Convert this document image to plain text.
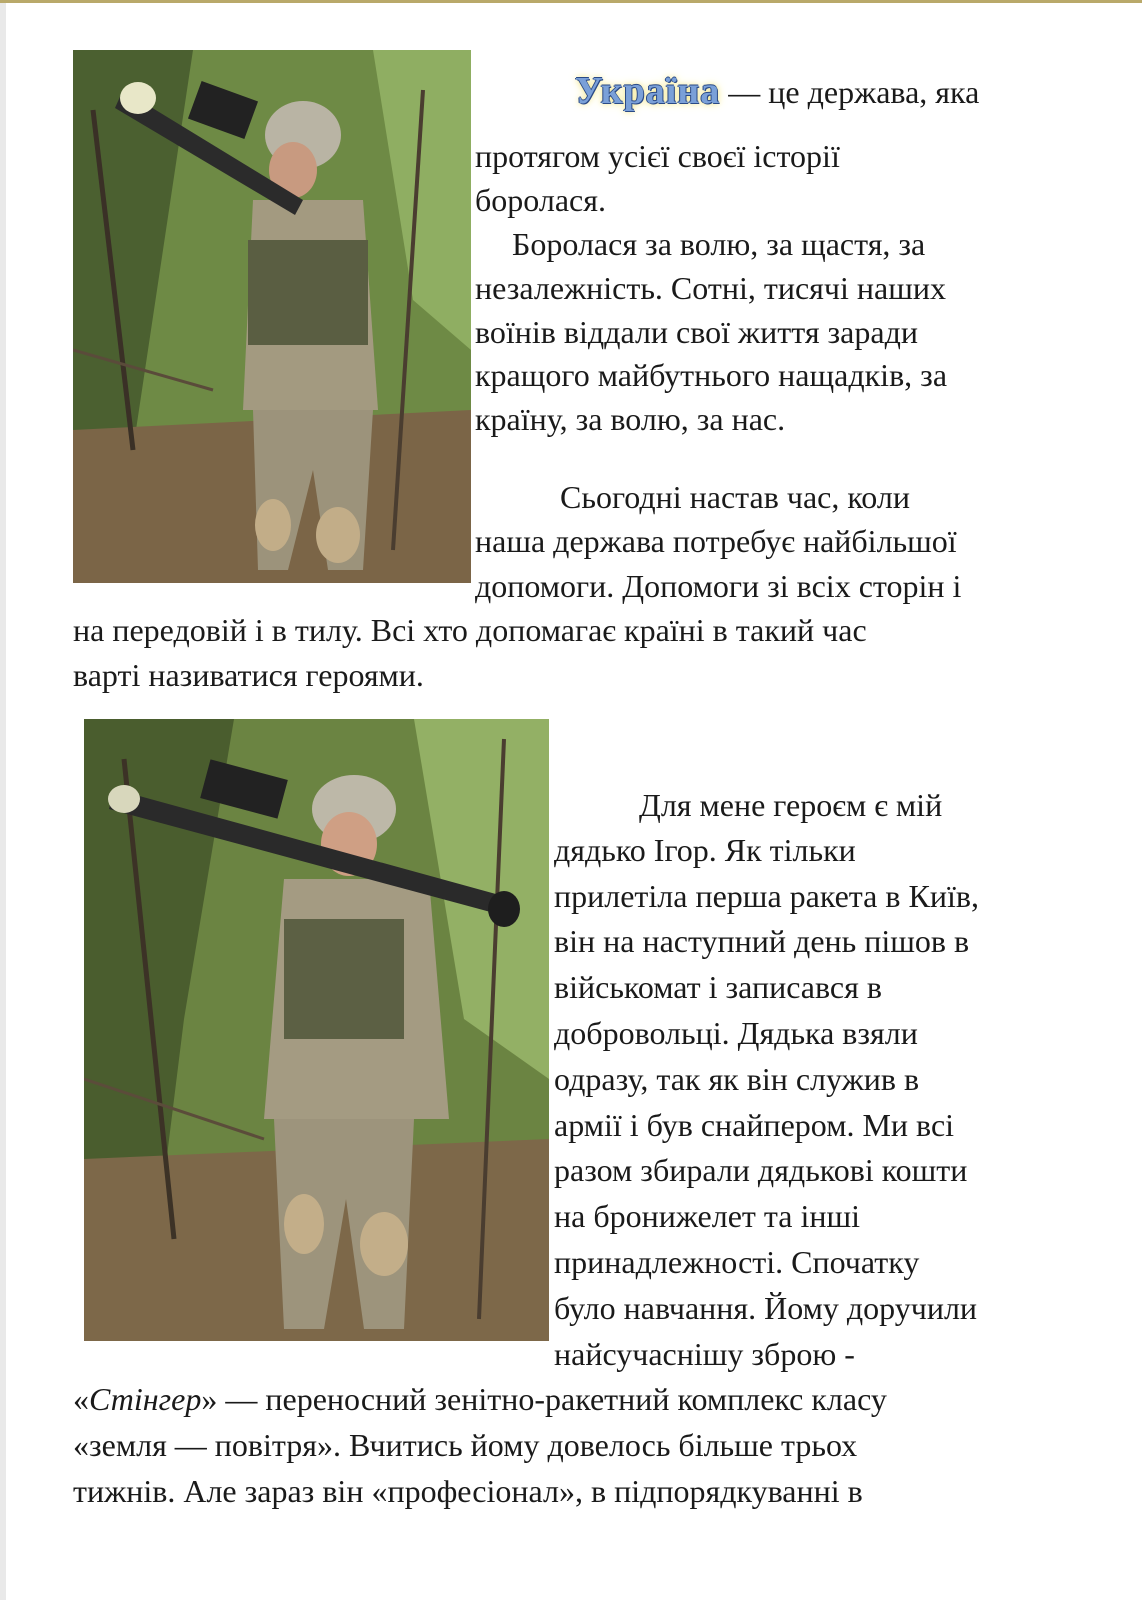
Україна — це держава, яка
протягом усієї своєї історії
боролася.
Боролася за волю, за щастя, за
незалежність. Сотні, тисячі наших
воїнів віддали свої життя заради
кращого майбутнього нащадків, за
країну, за волю, за нас.
Сьогодні настав час, коли
наша держава потребує найбільшої
допомоги. Допомоги зі всіх сторін і
на передовій і в тилу. Всі хто допомагає країні в такий час
варті називатися героями.
Для мене героєм є мій
дядько Ігор. Як тільки
прилетіла перша ракета в Київ,
він на наступний день пішов в
військомат і записався в
добровольці. Дядька взяли
одразу, так як він служив в
армії і був снайпером. Ми всі
разом збирали дядькові кошти
на бронижелет та інші
принадлежності. Спочатку
було навчання. Йому доручили
найсучаснішу зброю -
«Стінгер» — переносний зенітно-ракетний комплекс класу
«земля — повітря». Вчитись йому довелось більше трьох
тижнів. Але зараз він «професіонал», в підпорядкуванні в
